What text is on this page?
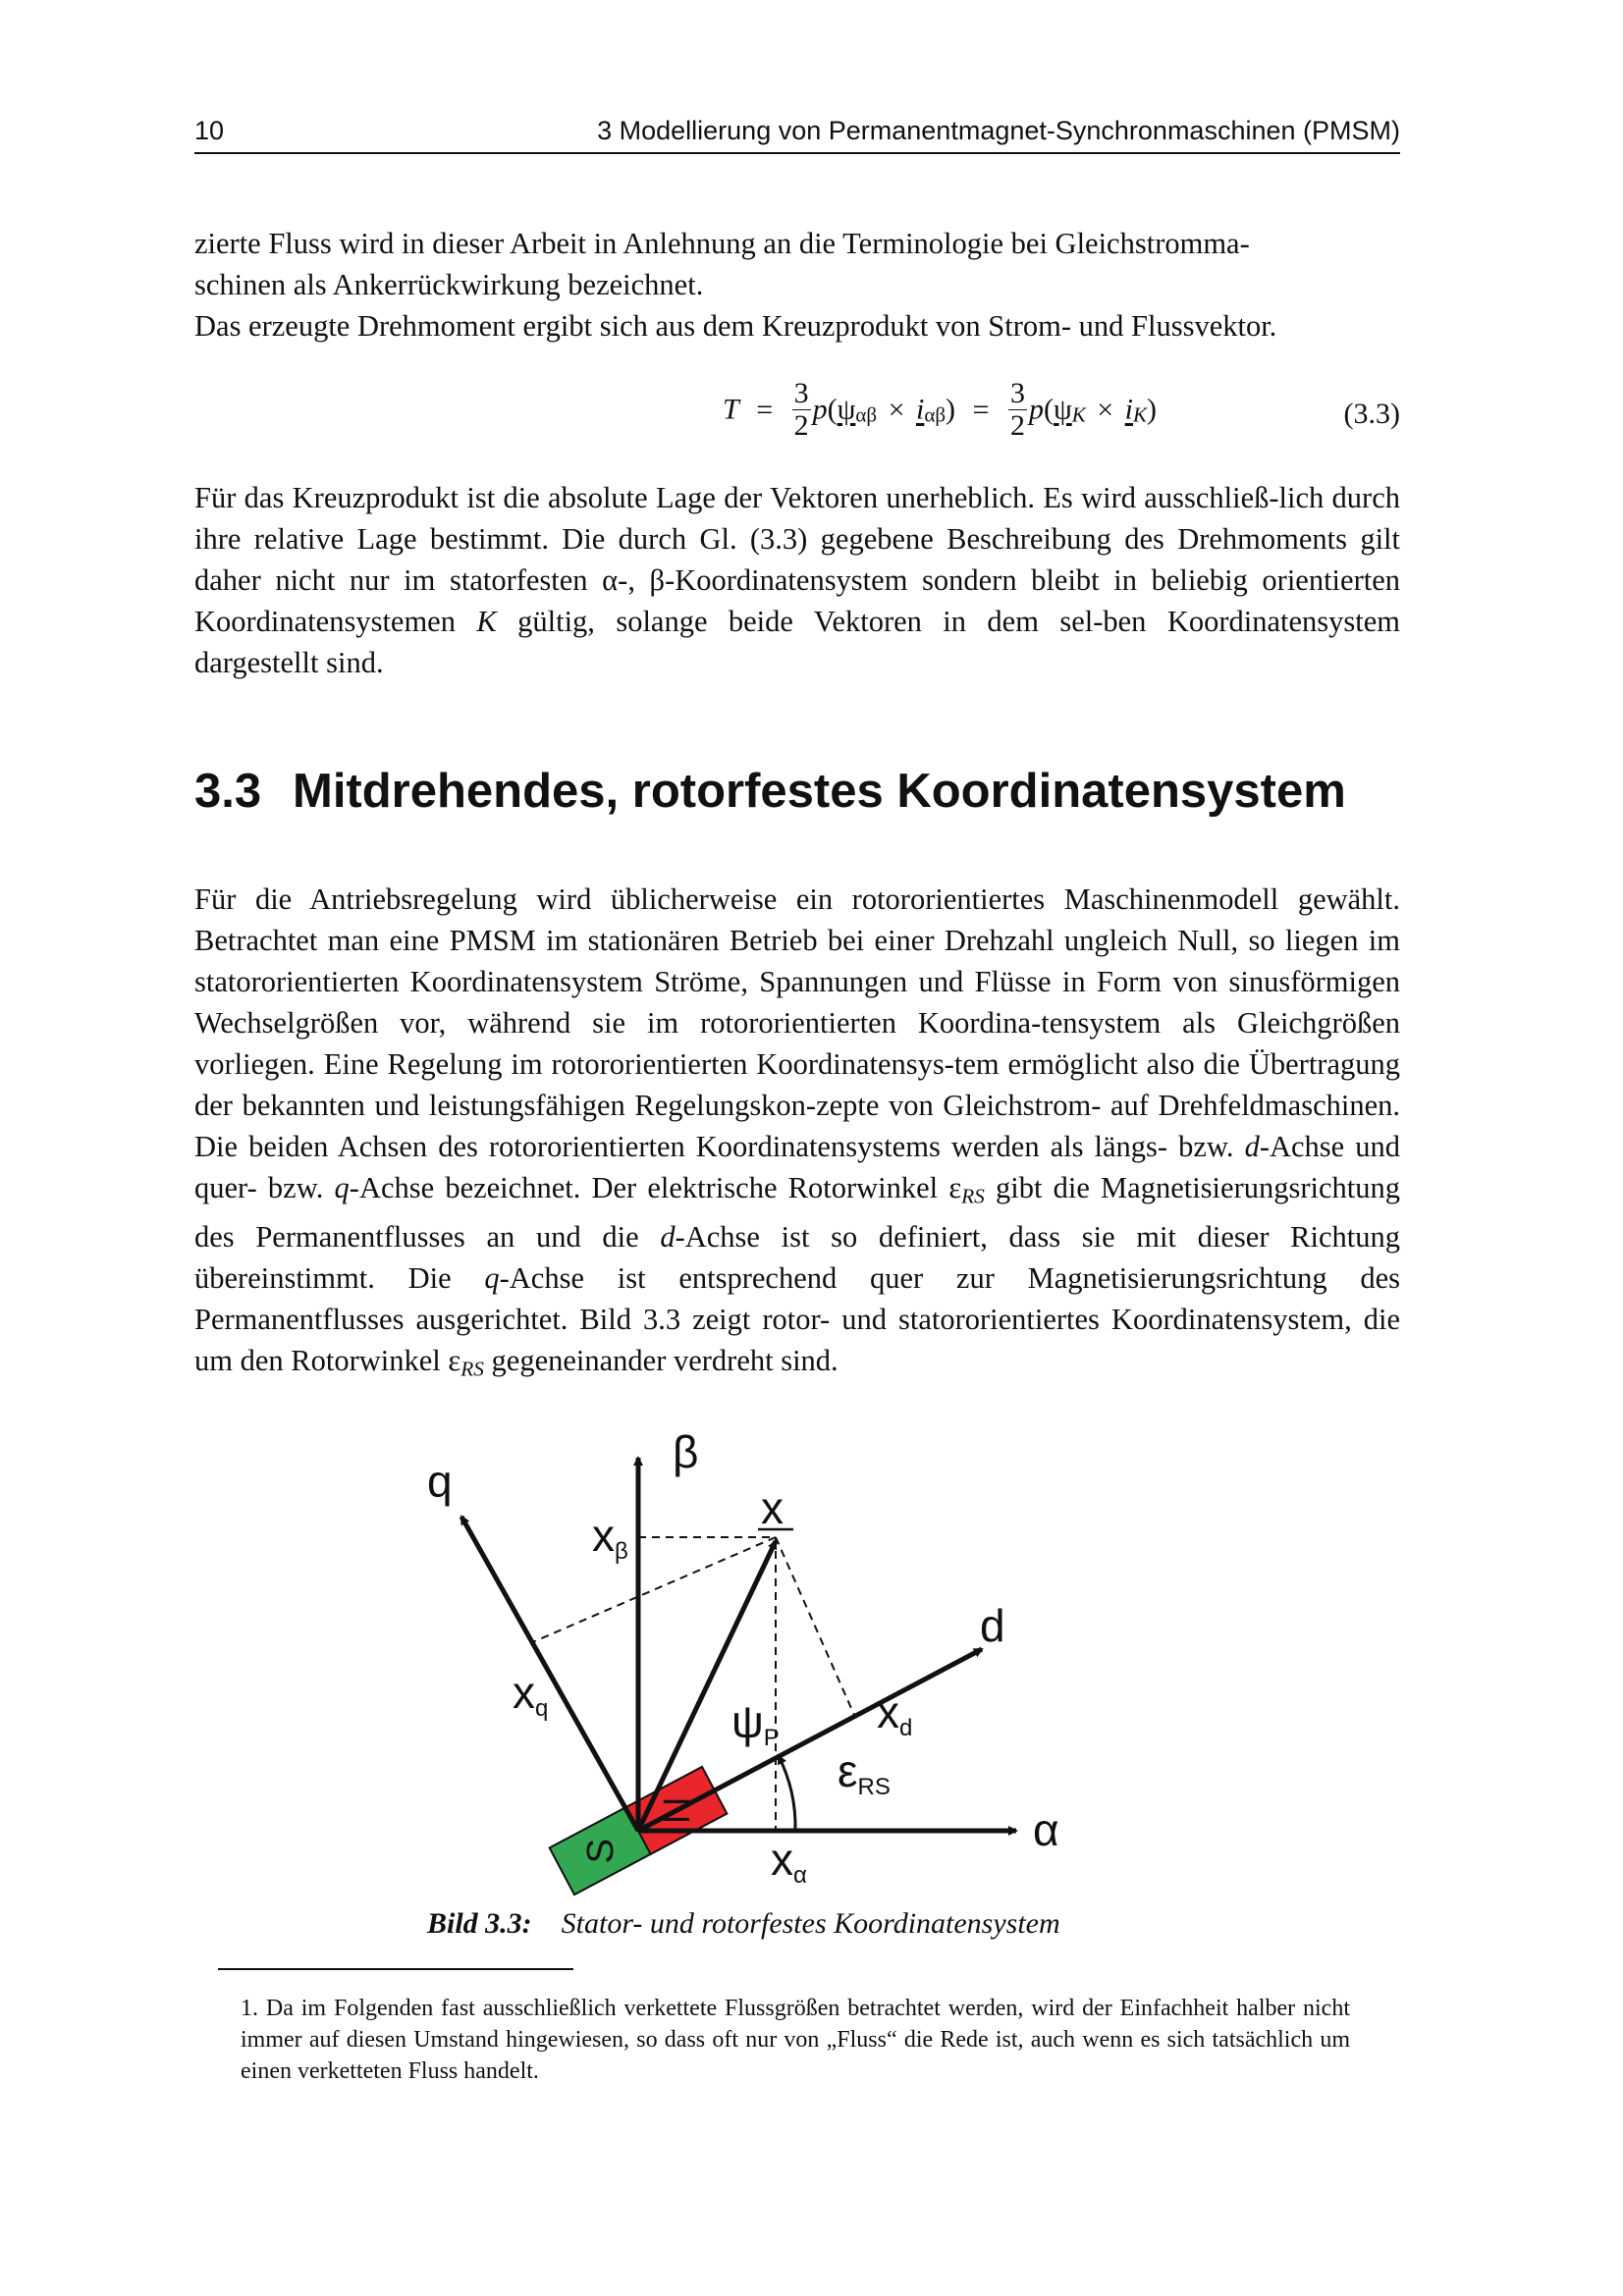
10	3 Modellierung von Permanentmagnet-Synchronmaschinen (PMSM)

zierte Fluss wird in dieser Arbeit in Anlehnung an die Terminologie bei Gleichstromma-
schinen als Ankerrückwirkung bezeichnet.
Das erzeugte Drehmoment ergibt sich aus dem Kreuzprodukt von Strom- und Flussvektor.

$T = \frac{3}{2} p(\psi_{\alpha\beta} \times i_{\alpha\beta}) = \frac{3}{2} p(\psi_K \times i_K)$	(3.3)

Für das Kreuzprodukt ist die absolute Lage der Vektoren unerheblich. Es wird ausschließ-lich durch ihre relative Lage bestimmt. Die durch Gl. (3.3) gegebene Beschreibung des Drehmoments gilt daher nicht nur im statorfesten α-, β-Koordinatensystem sondern bleibt in beliebig orientierten Koordinatensystemen K gültig, solange beide Vektoren in dem sel-ben Koordinatensystem dargestellt sind.

3.3 Mitdrehendes, rotorfestes Koordinatensystem

Für die Antriebsregelung wird üblicherweise ein rotororientiertes Maschinenmodell gewählt. Betrachtet man eine PMSM im stationären Betrieb bei einer Drehzahl ungleich Null, so liegen im statororientierten Koordinatensystem Ströme, Spannungen und Flüsse in Form von sinusförmigen Wechselgrößen vor, während sie im rotororientierten Koordina-tensystem als Gleichgrößen vorliegen. Eine Regelung im rotororientierten Koordinatensys-tem ermöglicht also die Übertragung der bekannten und leistungsfähigen Regelungskon-zepte von Gleichstrom- auf Drehfeldmaschinen. Die beiden Achsen des rotororientierten Koordinatensystems werden als längs- bzw. d-Achse und quer- bzw. q-Achse bezeichnet. Der elektrische Rotorwinkel $\varepsilon_{RS}$ gibt die Magnetisierungsrichtung des Permanentflusses an und die d-Achse ist so definiert, dass sie mit dieser Richtung übereinstimmt. Die q-Achse ist entsprechend quer zur Magnetisierungsrichtung des Permanentflusses ausgerichtet. Bild 3.3 zeigt rotor- und statororientiertes Koordinatensystem, die um den Rotorwinkel $\varepsilon_{RS}$ gegeneinander verdreht sind.

N
S
q
β
x
xβ
d
xq	ψP
xd
εRS
α
xα
Bild 3.3: Stator- und rotorfestes Koordinatensystem
1. Da im Folgenden fast ausschließlich verkettete Flussgrößen betrachtet werden, wird der Einfachheit halber nicht immer auf diesen Umstand hingewiesen, so dass oft nur von „Fluss“ die Rede ist, auch wenn es sich tatsächlich um einen verketteten Fluss handelt.
